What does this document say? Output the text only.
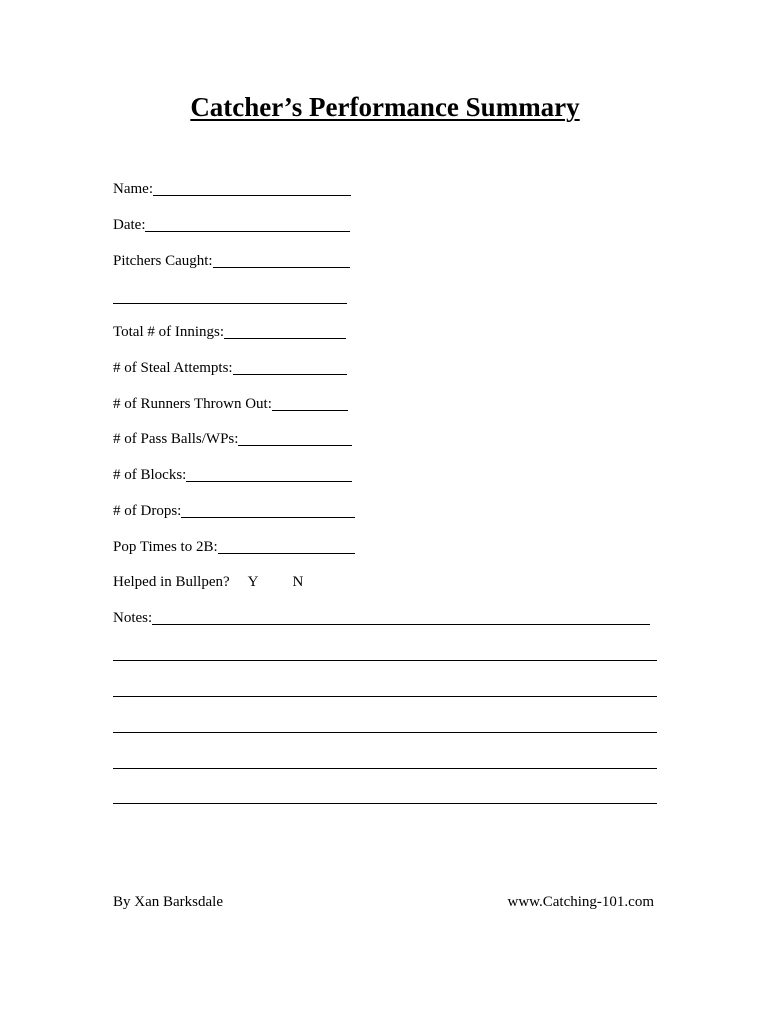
Catcher’s Performance Summary
Name:
Date:
Pitchers Caught:
Total # of Innings:
# of Steal Attempts:
# of Runners Thrown Out:
# of Pass Balls/WPs:
# of Blocks:
# of Drops:
Pop Times to 2B:
Helped in Bullpen? Y N
Notes:
By Xan Barksdale	www.Catching-101.com
